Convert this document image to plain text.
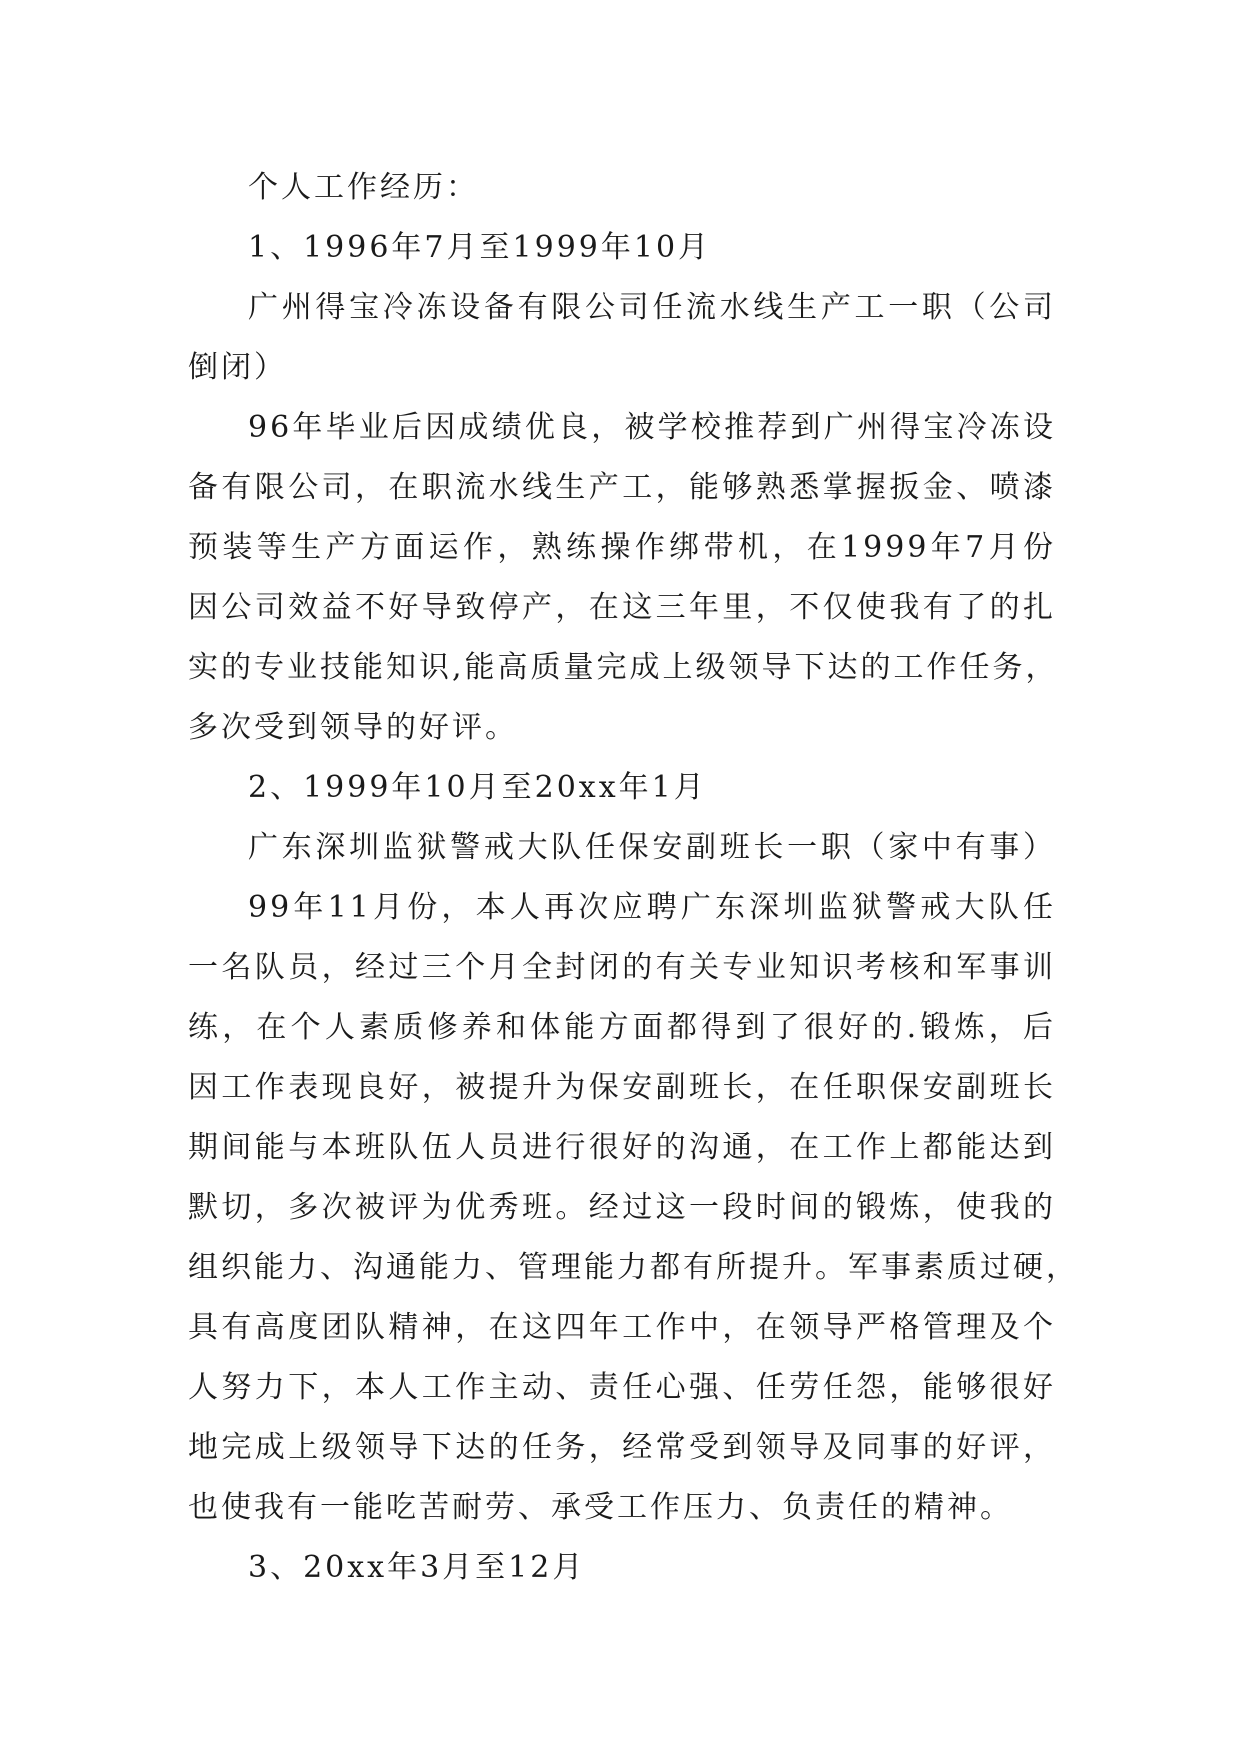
个人工作经历：
1、1996年7月至1999年10月
广州得宝冷冻设备有限公司任流水线生产工一职（公司
倒闭）
96年毕业后因成绩优良，被学校推荐到广州得宝冷冻设
备有限公司，在职流水线生产工，能够熟悉掌握扳金、喷漆
预装等生产方面运作，熟练操作绑带机，在1999年7月份
因公司效益不好导致停产，在这三年里，不仅使我有了的扎
实的专业技能知识,能高质量完成上级领导下达的工作任务，
多次受到领导的好评。
2、1999年10月至20xx年1月
广东深圳监狱警戒大队任保安副班长一职（家中有事）
99年11月份，本人再次应聘广东深圳监狱警戒大队任
一名队员，经过三个月全封闭的有关专业知识考核和军事训
练，在个人素质修养和体能方面都得到了很好的.锻炼，后
因工作表现良好，被提升为保安副班长，在任职保安副班长
期间能与本班队伍人员进行很好的沟通，在工作上都能达到
默切，多次被评为优秀班。经过这一段时间的锻炼，使我的
组织能力、沟通能力、管理能力都有所提升。军事素质过硬，
具有高度团队精神，在这四年工作中，在领导严格管理及个
人努力下，本人工作主动、责任心强、任劳任怨，能够很好
地完成上级领导下达的任务，经常受到领导及同事的好评，
也使我有一能吃苦耐劳、承受工作压力、负责任的精神。
3、20xx年3月至12月
